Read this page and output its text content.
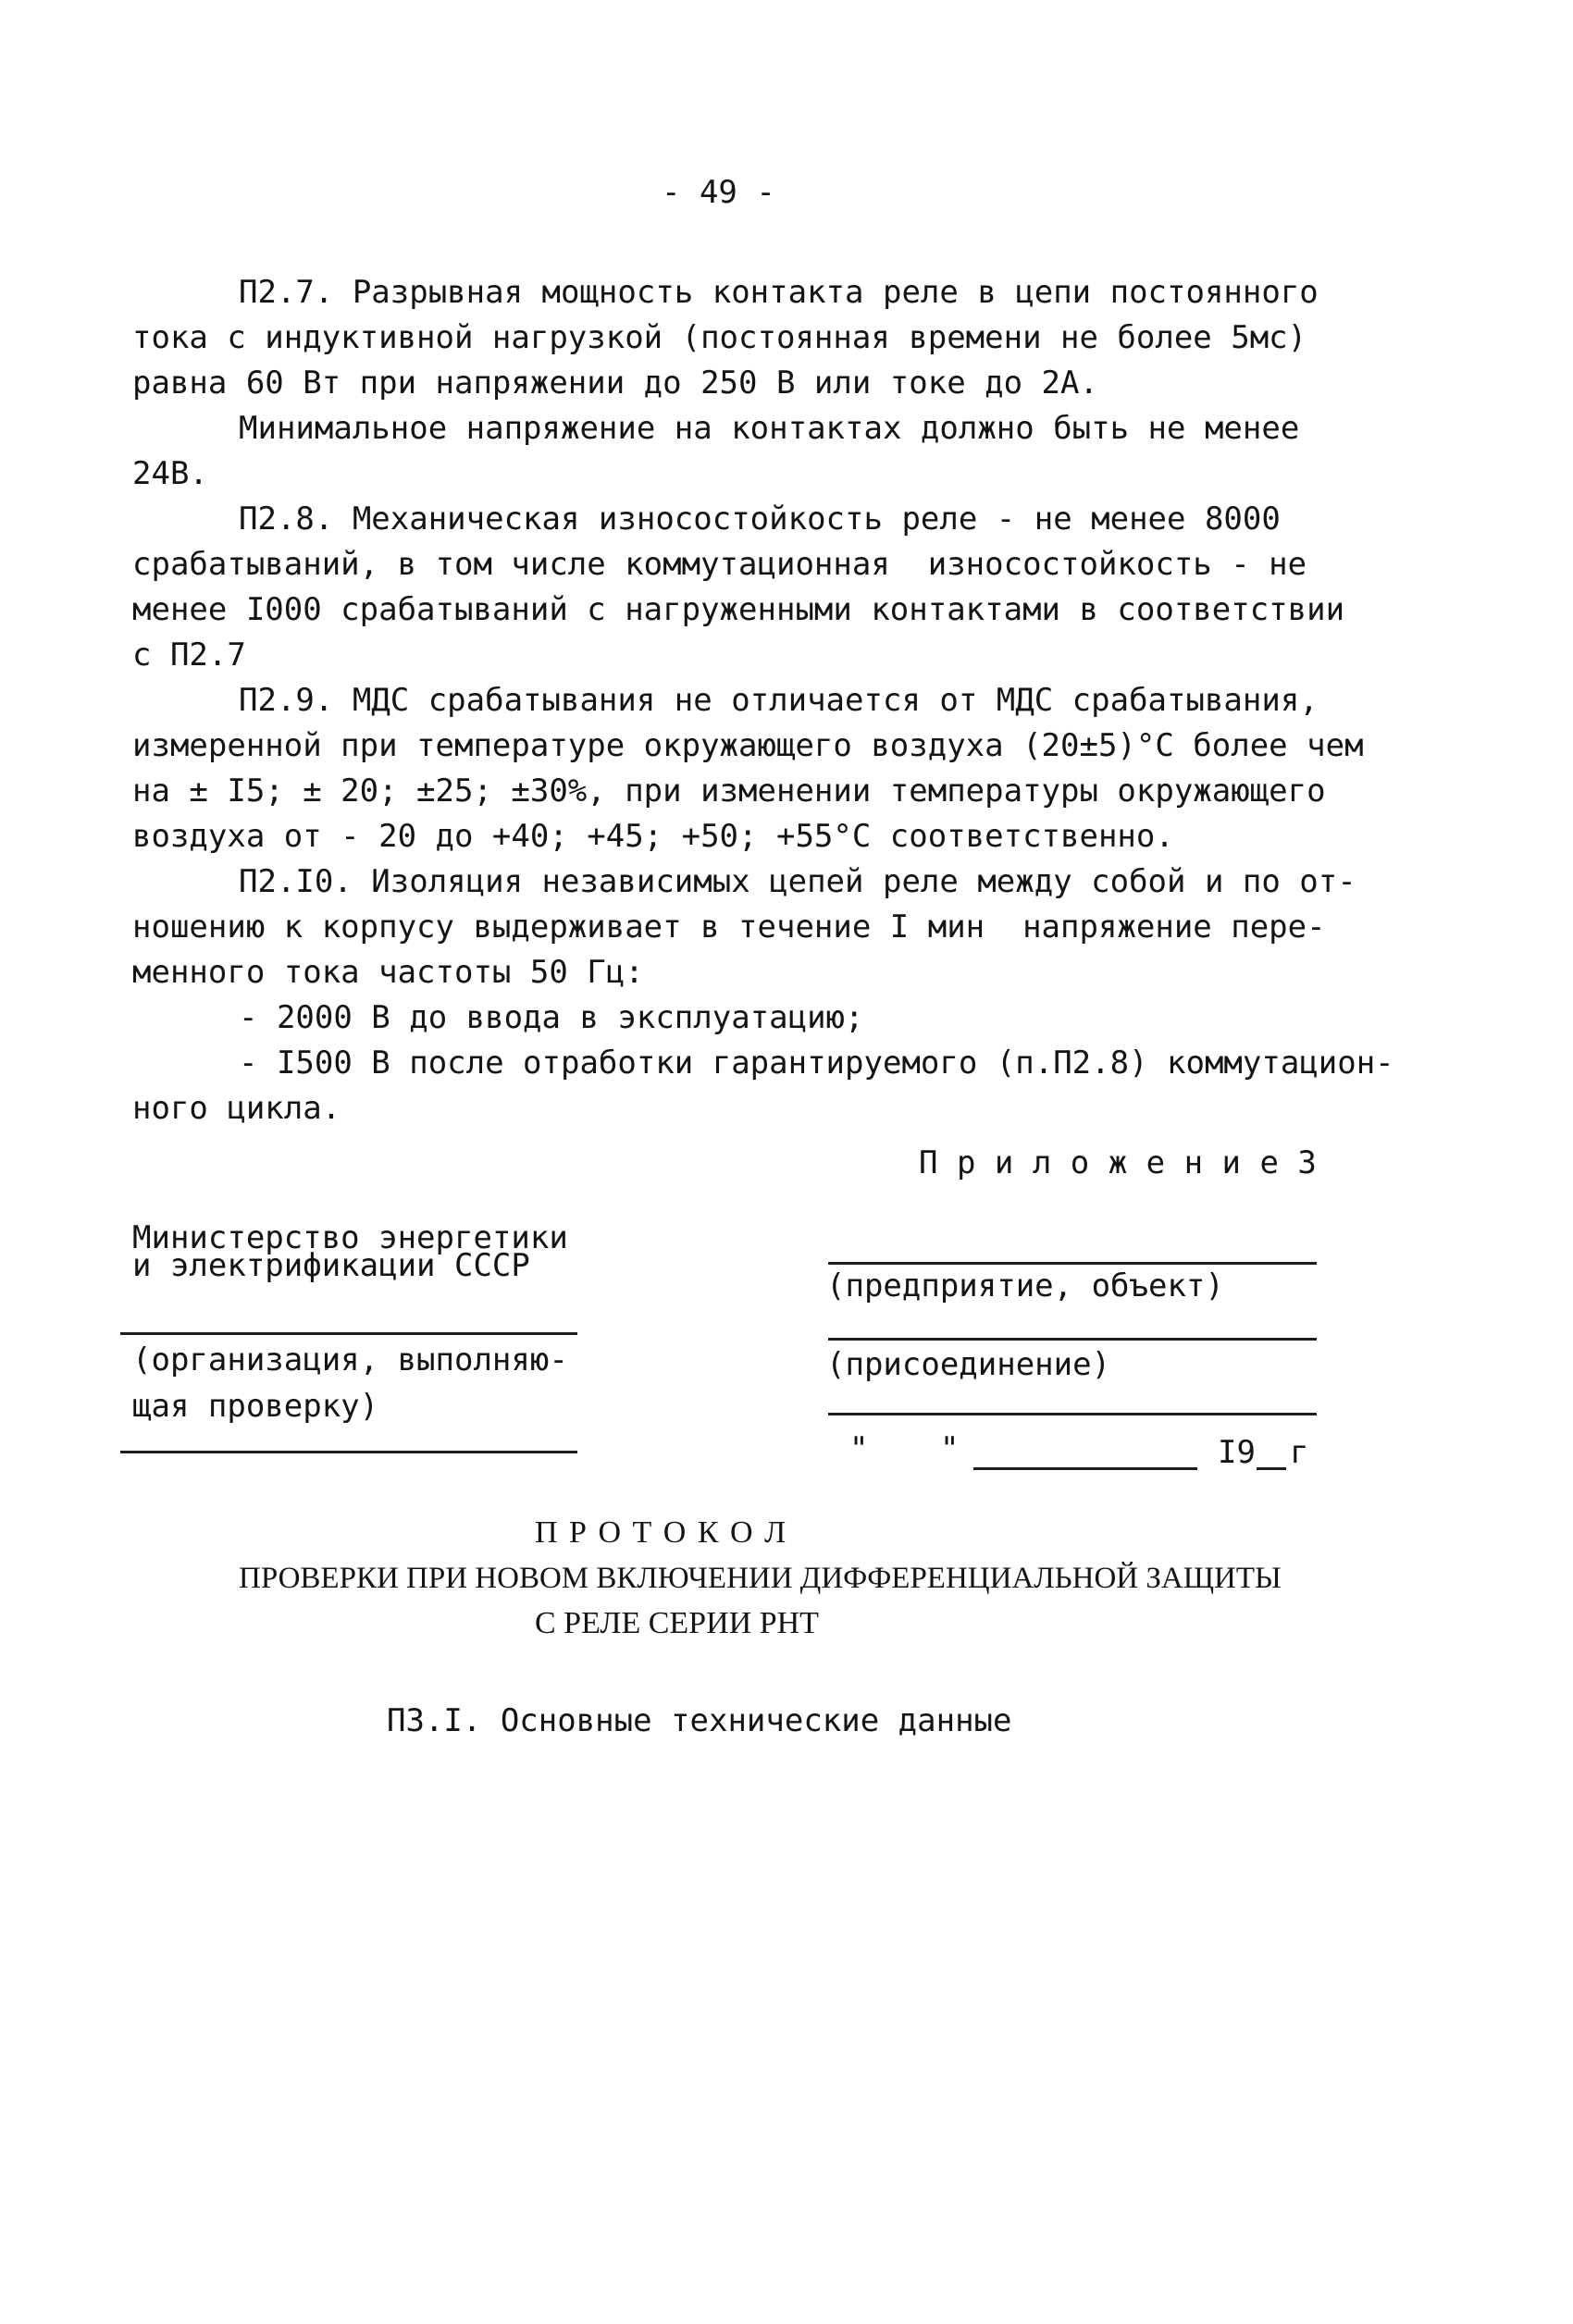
- 49 -
П2.7. Разрывная мощность контакта реле в цепи постоянного
тока с индуктивной нагрузкой (постоянная времени не более 5мс)
равна 60 Вт при напряжении до 250 В или токе до 2А.
Минимальное напряжение на контактах должно быть не менее
24В.
П2.8. Механическая износостойкость реле - не менее 8000
срабатываний, в том числе коммутационная  износостойкость - не
менее I000 срабатываний с нагруженными контактами в соответствии
с П2.7
П2.9. МДС срабатывания не отличается от МДС срабатывания,
измеренной при температуре окружающего воздуха (20±5)°С более чем
на ± I5; ± 20; ±25; ±30%, при изменении температуры окружающего
воздуха от - 20 до +40; +45; +50; +55°С соответственно.
П2.I0. Изоляция независимых цепей реле между собой и по от-
ношению к корпусу выдерживает в течение I мин  напряжение пере-
менного тока частоты 50 Гц:
- 2000 В до ввода в эксплуатацию;
- I500 В после отработки гарантируемого (п.П2.8) коммутацион-
ного цикла.
П р и л о ж е н и е 3
Министерство энергетики
и электрификации СССР
(организация, выполняю-
щая проверку)
(предприятие, объект)
(присоединение)
" "	I9 г
П Р О Т О К О Л
ПРОВЕРКИ ПРИ НОВОМ ВКЛЮЧЕНИИ ДИФФЕРЕНЦИАЛЬНОЙ ЗАЩИТЫ
С РЕЛЕ СЕРИИ РНТ
П3.I. Основные технические данные
